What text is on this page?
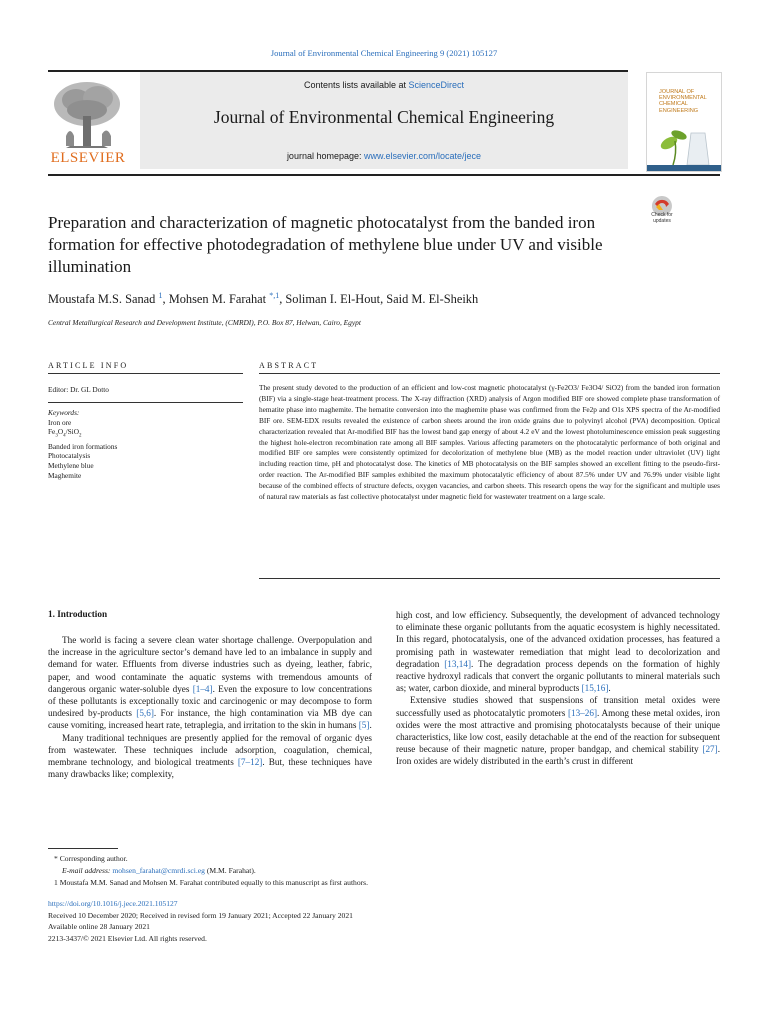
Journal of Environmental Chemical Engineering 9 (2021) 105127
ELSEVIER
Contents lists available at ScienceDirect
Journal of Environmental Chemical Engineering
journal homepage: www.elsevier.com/locate/jece
JOURNAL OF ENVIRONMENTAL CHEMICAL ENGINEERING
Preparation and characterization of magnetic photocatalyst from the banded iron formation for effective photodegradation of methylene blue under UV and visible illumination
Check for updates
Moustafa M.S. Sanad $^1$, Mohsen M. Farahat $^{*,1}$, Soliman I. El-Hout, Said M. El-Sheikh
Central Metallurgical Research and Development Institute, (CMRDI), P.O. Box 87, Helwan, Cairo, Egypt
ARTICLE INFO	ABSTRACT
Editor: Dr. GL Dotto
Keywords:
Iron ore
$Fe_3O_4/SiO_2$
Banded iron formations
Photocatalysis
Methylene blue
Maghemite
The present study devoted to the production of an efficient and low-cost magnetic photocatalyst (γ-Fe2O3/ Fe3O4/ SiO2) from the banded iron formation (BIF) via a single-stage heat-treatment process. The X-ray diffraction (XRD) analysis of Argon modified BIF ore showed complete phase transformation of hematite phase into maghemite. The hematite conversion into the maghemite phase was confirmed from the Fe2p and O1s XPS spectra of the Ar-modified BIF ore. SEM-EDX results revealed the existence of carbon sheets around the iron oxide grains due to polyvinyl alcohol (PVA) decomposition. Optical characterization revealed that Ar-modified BIF has the lowest band gap energy of about 4.2 eV and the lowest photoluminescence emission peak suggesting the highest hole-electron recombination rate among all BIF samples. Various affecting parameters on the photocatalytic performance of both original and modified BIF ore samples were consistently optimized for decolorization of methylene blue (MB) as the model reaction under ultraviolet (UV) light including reaction time, pH and photocatalyst dose. The kinetics of MB photocatalysis on the BIF samples showed an excellent fitting to the pseudo-first-order reaction. The Ar-modified BIF samples exhibited the maximum photocatalytic efficiency of about 87.5% under UV and 76.9% under visible light because of the combined effects of structure defects, oxygen vacancies, and carbon sheets. This research opens the way for the significant and multiple uses of natural raw materials as fast collective photocatalyst under magnetic field for wastewater treatment on a large scale.
1. Introduction

The world is facing a severe clean water shortage challenge. Overpopulation and the increase in the agriculture sector’s demand have led to an imbalance in supply and demand for water. Effluents from diverse industries such as dyeing, leather, fabric, paper, and wood contaminate the aquatic systems with tremendous amounts of dangerous organic water-soluble dyes [1–4]. Even the exposure to low concentrations of these pollutants is exceptionally toxic and carcinogenic or may decompose to form undesired by-products [5,6]. For instance, the high contamination via MB dye can cause vomiting, increased heart rate, tetraplegia, and irritation to the skin in humans [5].

Many traditional techniques are presently applied for the removal of organic dyes from wastewater. These techniques include adsorption, coagulation, chemical, membrane technology, and biological treatments [7–12]. But, these techniques have many drawbacks like; complexity,

high cost, and low efficiency. Subsequently, the development of advanced technology to eliminate these organic pollutants from the aquatic ecosystem is highly necessitated. In this regard, photocatalysis, one of the advanced oxidation processes, has featured a promising path in wastewater remediation that might lead to decolorization and degradation [13,14]. The degradation process depends on the formation of highly reactive hydroxyl radicals that convert the organic pollutants to mineral materials such as; water, carbon dioxide, and mineral byproducts [15,16].

Extensive studies showed that suspensions of transition metal oxides were successfully used as photocatalytic promoters [13–26]. Among these metal oxides, iron oxides were the most attractive and promising photocatalysts because of their unique characteristics, like low cost, easily detachable at the end of the reaction for subsequent reuse because of their magnetic nature, proper bandgap, and chemical stability [27]. Iron oxides are widely distributed in the earth’s crust in different

* Corresponding author.
E-mail address: mohsen_farahat@cmrdi.sci.eg (M.M. Farahat).
1 Moustafa M.M. Sanad and Mohsen M. Farahat contributed equally to this manuscript as first authors.
https://doi.org/10.1016/j.jece.2021.105127
Received 10 December 2020; Received in revised form 19 January 2021; Accepted 22 January 2021
Available online 28 January 2021
2213-3437/© 2021 Elsevier Ltd. All rights reserved.
